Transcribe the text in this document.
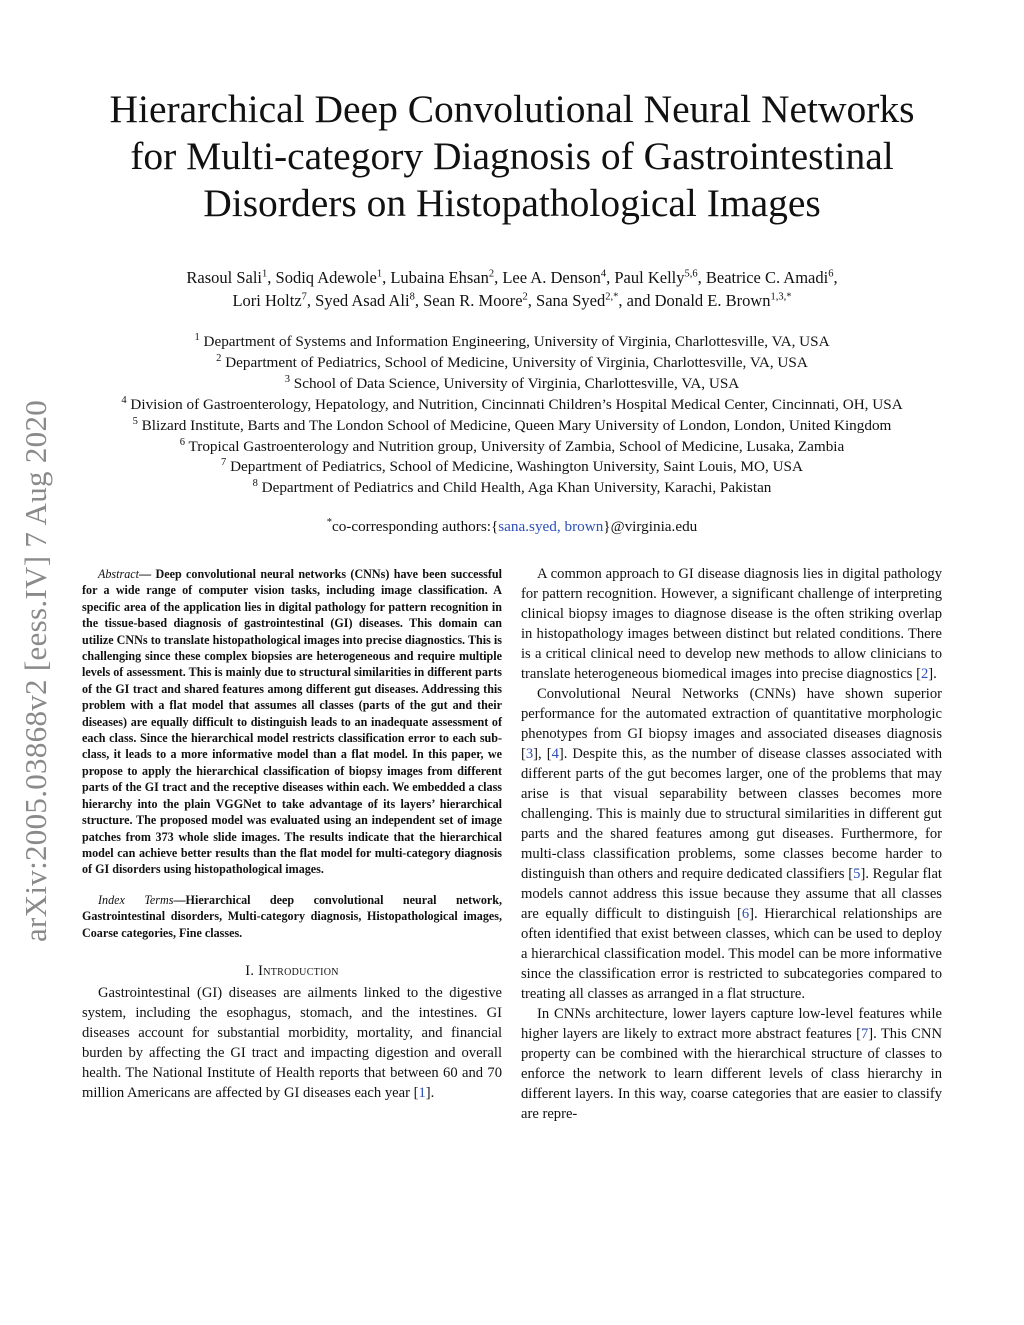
arXiv:2005.03868v2 [eess.IV] 7 Aug 2020
Hierarchical Deep Convolutional Neural Networks
for Multi-category Diagnosis of Gastrointestinal
Disorders on Histopathological Images
Rasoul Sali$^1$, Sodiq Adewole$^1$, Lubaina Ehsan$^2$, Lee A. Denson$^4$, Paul Kelly$^{5,6}$, Beatrice C. Amadi$^6$,
Lori Holtz$^7$, Syed Asad Ali$^8$, Sean R. Moore$^2$, Sana Syed$^{2,*}$, and Donald E. Brown$^{1,3,*}$
$^1$ Department of Systems and Information Engineering, University of Virginia, Charlottesville, VA, USA
$^2$ Department of Pediatrics, School of Medicine, University of Virginia, Charlottesville, VA, USA
$^3$ School of Data Science, University of Virginia, Charlottesville, VA, USA
$^4$ Division of Gastroenterology, Hepatology, and Nutrition, Cincinnati Children’s Hospital Medical Center, Cincinnati, OH, USA
$^5$ Blizard Institute, Barts and The London School of Medicine, Queen Mary University of London, London, United Kingdom
$^6$ Tropical Gastroenterology and Nutrition group, University of Zambia, School of Medicine, Lusaka, Zambia
$^7$ Department of Pediatrics, School of Medicine, Washington University, Saint Louis, MO, USA
$^8$ Department of Pediatrics and Child Health, Aga Khan University, Karachi, Pakistan
*co-corresponding authors:{sana.syed, brown}@virginia.edu
Abstract— Deep convolutional neural networks (CNNs) have been successful for a wide range of computer vision tasks, including image classification. A specific area of the application lies in digital pathology for pattern recognition in the tissue-based diagnosis of gastrointestinal (GI) diseases. This domain can utilize CNNs to translate histopathological images into precise diagnostics. This is challenging since these complex biopsies are heterogeneous and require multiple levels of assessment. This is mainly due to structural similarities in different parts of the GI tract and shared features among different gut diseases. Addressing this problem with a flat model that assumes all classes (parts of the gut and their diseases) are equally difficult to distinguish leads to an inadequate assessment of each class. Since the hierarchical model restricts classification error to each sub-class, it leads to a more informative model than a flat model. In this paper, we propose to apply the hierarchical classification of biopsy images from different parts of the GI tract and the receptive diseases within each. We embedded a class hierarchy into the plain VGGNet to take advantage of its layers’ hierarchical structure. The proposed model was evaluated using an independent set of image patches from 373 whole slide images. The results indicate that the hierarchical model can achieve better results than the flat model for multi-category diagnosis of GI disorders using histopathological images.
Index Terms—Hierarchical deep convolutional neural network, Gastrointestinal disorders, Multi-category diagnosis, Histopathological images, Coarse categories, Fine classes.
I. Introduction

Gastrointestinal (GI) diseases are ailments linked to the digestive system, including the esophagus, stomach, and the intestines. GI diseases account for substantial morbidity, mortality, and financial burden by affecting the GI tract and impacting digestion and overall health. The National Institute of Health reports that between 60 and 70 million Americans are affected by GI diseases each year [1].

A common approach to GI disease diagnosis lies in digital pathology for pattern recognition. However, a significant challenge of interpreting clinical biopsy images to diagnose disease is the often striking overlap in histopathology images between distinct but related conditions. There is a critical clinical need to develop new methods to allow clinicians to translate heterogeneous biomedical images into precise diagnostics [2].

Convolutional Neural Networks (CNNs) have shown superior performance for the automated extraction of quantitative morphologic phenotypes from GI biopsy images and associated diseases diagnosis [3], [4]. Despite this, as the number of disease classes associated with different parts of the gut becomes larger, one of the problems that may arise is that visual separability between classes becomes more challenging. This is mainly due to structural similarities in different gut parts and the shared features among gut diseases. Furthermore, for multi-class classification problems, some classes become harder to distinguish than others and require dedicated classifiers [5]. Regular flat models cannot address this issue because they assume that all classes are equally difficult to distinguish [6]. Hierarchical relationships are often identified that exist between classes, which can be used to deploy a hierarchical classification model. This model can be more informative since the classification error is restricted to subcategories compared to treating all classes as arranged in a flat structure.

In CNNs architecture, lower layers capture low-level features while higher layers are likely to extract more abstract features [7]. This CNN property can be combined with the hierarchical structure of classes to enforce the network to learn different levels of class hierarchy in different layers. In this way, coarse categories that are easier to classify are repre-
